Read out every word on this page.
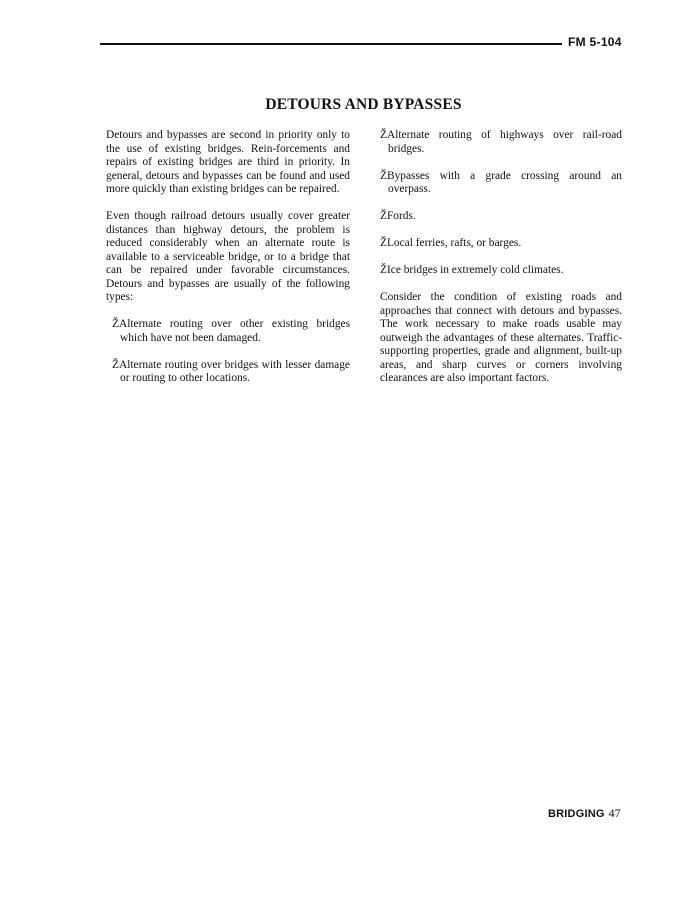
FM 5-104
DETOURS AND BYPASSES

Detours and bypasses are second in priority only to the use of existing bridges. Rein-forcements and repairs of existing bridges are third in priority. In general, detours and bypasses can be found and used more quickly than existing bridges can be repaired.

Even though railroad detours usually cover greater distances than highway detours, the problem is reduced considerably when an alternate route is available to a serviceable bridge, or to a bridge that can be repaired under favorable circumstances. Detours and bypasses are usually of the following types:

ŽAlternate routing over other existing bridges which have not been damaged.

ŽAlternate routing over bridges with lesser damage or routing to other locations.

ŽAlternate routing of highways over rail-road bridges.

ŽBypasses with a grade crossing around an overpass.

ŽFords.

ŽLocal ferries, rafts, or barges.

ŽIce bridges in extremely cold climates.

Consider the condition of existing roads and approaches that connect with detours and bypasses. The work necessary to make roads usable may outweigh the advantages of these alternates. Traffic-supporting properties, grade and alignment, built-up areas, and sharp curves or corners involving clearances are also important factors.

BRIDGING 47
